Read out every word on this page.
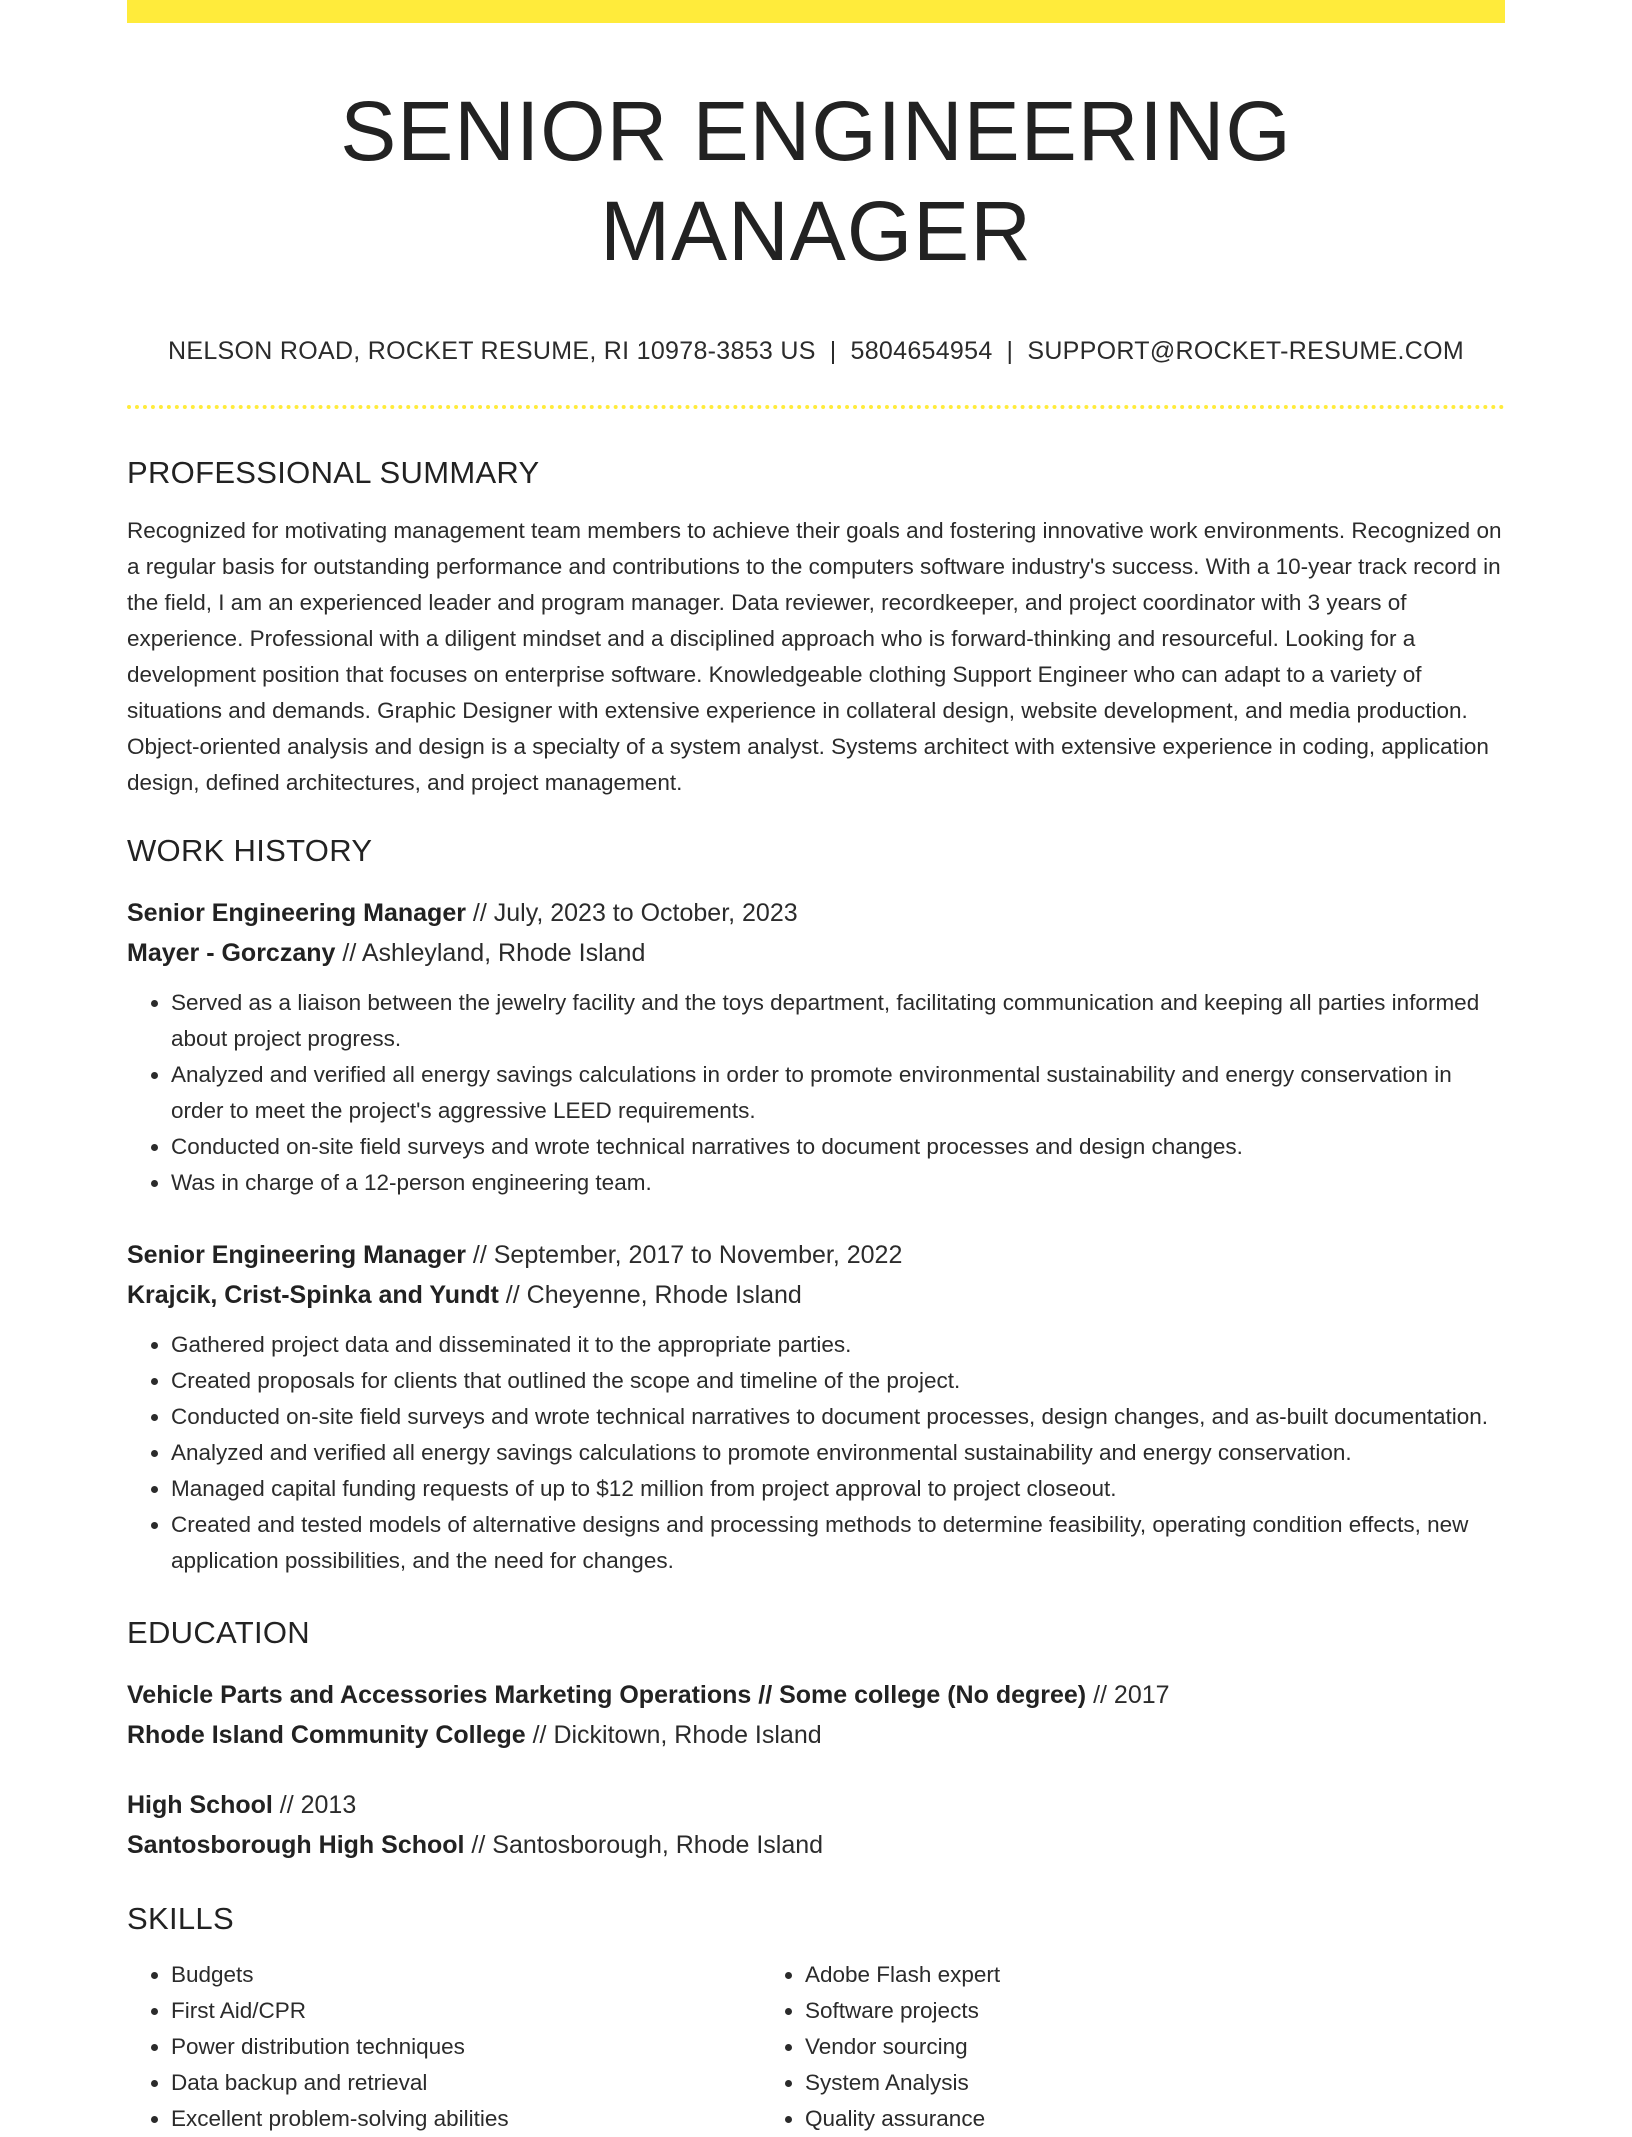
SENIOR ENGINEERING MANAGER
NELSON ROAD, ROCKET RESUME, RI 10978-3853 US | 5804654954 | SUPPORT@ROCKET-RESUME.COM
PROFESSIONAL SUMMARY

Recognized for motivating management team members to achieve their goals and fostering innovative work environments. Recognized on a regular basis for outstanding performance and contributions to the computers software industry's success. With a 10-year track record in the field, I am an experienced leader and program manager. Data reviewer, recordkeeper, and project coordinator with 3 years of experience. Professional with a diligent mindset and a disciplined approach who is forward-thinking and resourceful. Looking for a development position that focuses on enterprise software. Knowledgeable clothing Support Engineer who can adapt to a variety of situations and demands. Graphic Designer with extensive experience in collateral design, website development, and media production. Object-oriented analysis and design is a specialty of a system analyst. Systems architect with extensive experience in coding, application design, defined architectures, and project management.

WORK HISTORY
Senior Engineering Manager // July, 2023 to October, 2023
Mayer - Gorczany // Ashleyland, Rhode Island
• Served as a liaison between the jewelry facility and the toys department, facilitating communication and keeping all parties informed about project progress.
• Analyzed and verified all energy savings calculations in order to promote environmental sustainability and energy conservation in order to meet the project's aggressive LEED requirements.
• Conducted on-site field surveys and wrote technical narratives to document processes and design changes.
• Was in charge of a 12-person engineering team.
Senior Engineering Manager // September, 2017 to November, 2022
Krajcik, Crist-Spinka and Yundt // Cheyenne, Rhode Island
• Gathered project data and disseminated it to the appropriate parties.
• Created proposals for clients that outlined the scope and timeline of the project.
• Conducted on-site field surveys and wrote technical narratives to document processes, design changes, and as-built documentation.
• Analyzed and verified all energy savings calculations to promote environmental sustainability and energy conservation.
• Managed capital funding requests of up to $12 million from project approval to project closeout.
• Created and tested models of alternative designs and processing methods to determine feasibility, operating condition effects, new application possibilities, and the need for changes.
EDUCATION
Vehicle Parts and Accessories Marketing Operations // Some college (No degree) // 2017
Rhode Island Community College // Dickitown, Rhode Island
High School // 2013
Santosborough High School // Santosborough, Rhode Island
SKILLS
• Budgets
• First Aid/CPR
• Power distribution techniques
• Data backup and retrieval
• Excellent problem-solving abilities
• Adobe Flash expert
• Software projects
• Vendor sourcing
• System Analysis
• Quality assurance
